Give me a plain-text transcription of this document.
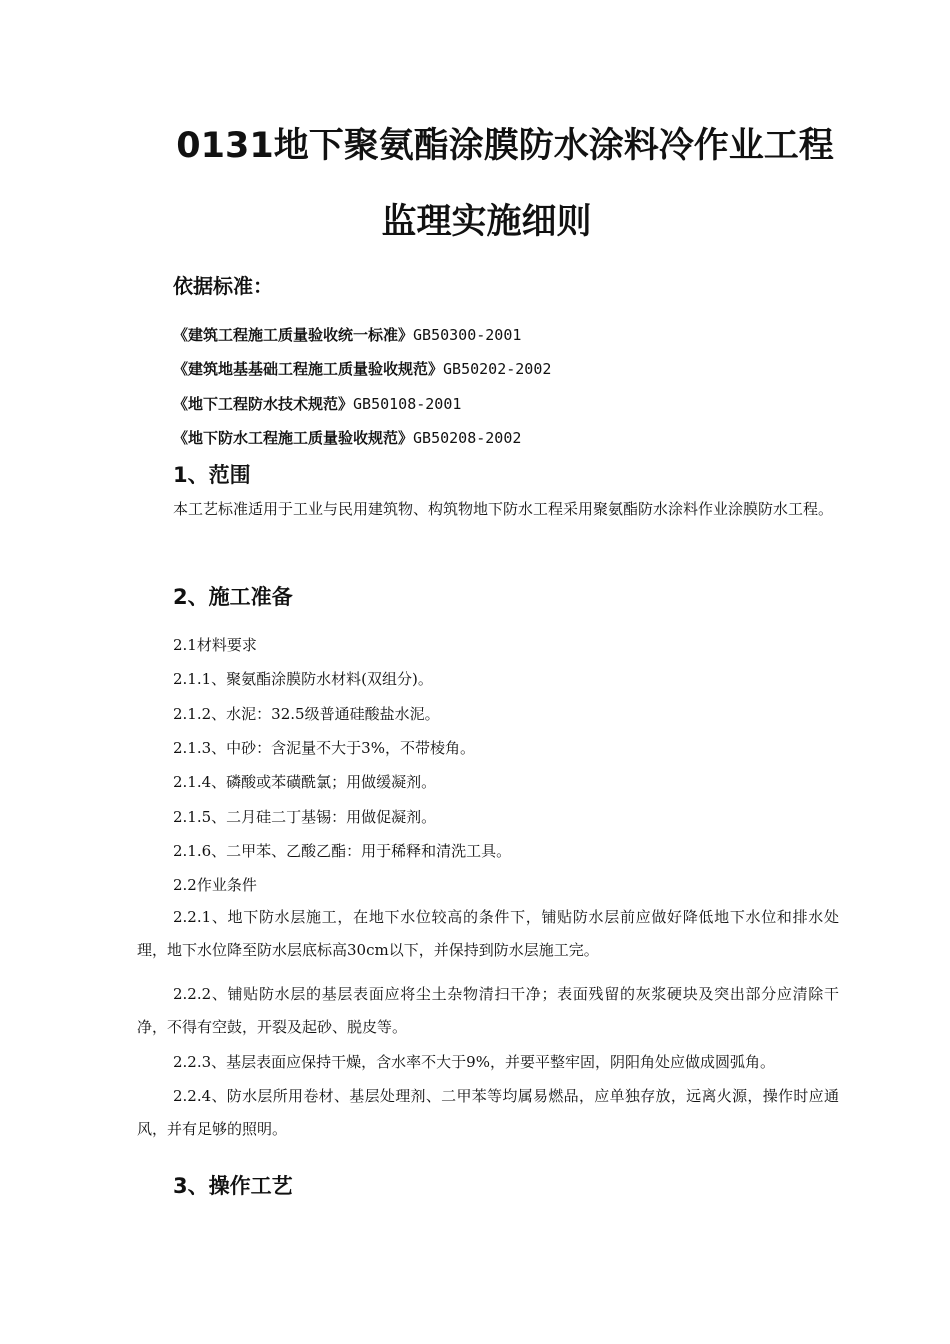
0131地下聚氨酯涂膜防水涂料冷作业工程
监理实施细则
依据标准：
《建筑工程施工质量验收统一标准》GB50300-2001
《建筑地基基础工程施工质量验收规范》GB50202-2002
《地下工程防水技术规范》GB50108-2001
《地下防水工程施工质量验收规范》GB50208-2002
1、范围
本工艺标准适用于工业与民用建筑物、构筑物地下防水工程采用聚氨酯防水涂料作业涂膜防水工程。
2、施工准备
2.1材料要求
2.1.1、聚氨酯涂膜防水材料(双组分)。
2.1.2、水泥：32.5级普通硅酸盐水泥。
2.1.3、中砂：含泥量不大于3%，不带棱角。
2.1.4、磷酸或苯磺酰氯；用做缓凝剂。
2.1.5、二月硅二丁基锡：用做促凝剂。
2.1.6、二甲苯、乙酸乙酯：用于稀释和清洗工具。
2.2作业条件
2.2.1、地下防水层施工，在地下水位较高的条件下，铺贴防水层前应做好降低地下水位和排水处理，地下水位降至防水层底标高30cm以下，并保持到防水层施工完。
2.2.2、铺贴防水层的基层表面应将尘土杂物清扫干净；表面残留的灰浆硬块及突出部分应清除干净，不得有空鼓，开裂及起砂、脱皮等。
2.2.3、基层表面应保持干燥，含水率不大于9%，并要平整牢固，阴阳角处应做成圆弧角。
2.2.4、防水层所用卷材、基层处理剂、二甲苯等均属易燃品，应单独存放，远离火源，操作时应通风，并有足够的照明。
3、操作工艺
